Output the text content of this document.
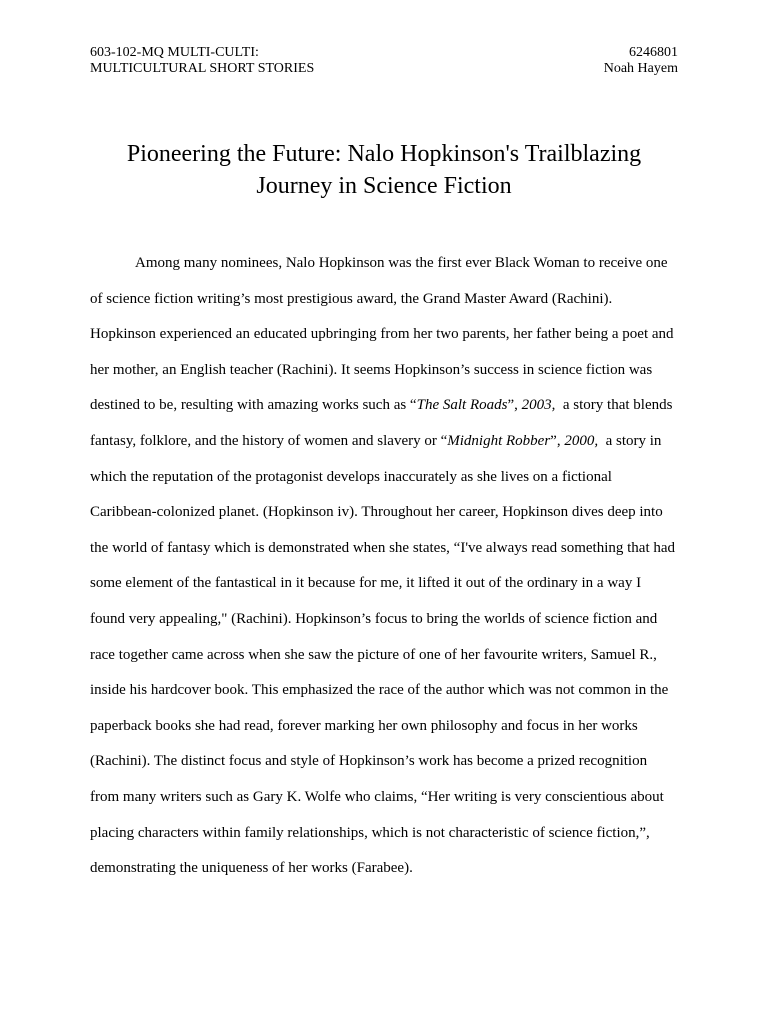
603-102-MQ MULTI-CULTI:
MULTICULTURAL SHORT STORIES
6246801
Noah Hayem
Pioneering the Future: Nalo Hopkinson's Trailblazing
Journey in Science Fiction
Among many nominees, Nalo Hopkinson was the first ever Black Woman to receive one
of science fiction writing’s most prestigious award, the Grand Master Award (Rachini).
Hopkinson experienced an educated upbringing from her two parents, her father being a poet and
her mother, an English teacher (Rachini). It seems Hopkinson’s success in science fiction was
destined to be, resulting with amazing works such as “The Salt Roads”, 2003,  a story that blends
fantasy, folklore, and the history of women and slavery or “Midnight Robber”, 2000,  a story in
which the reputation of the protagonist develops inaccurately as she lives on a fictional
Caribbean-colonized planet. (Hopkinson iv). Throughout her career, Hopkinson dives deep into
the world of fantasy which is demonstrated when she states, “I've always read something that had
some element of the fantastical in it because for me, it lifted it out of the ordinary in a way I
found very appealing," (Rachini). Hopkinson’s focus to bring the worlds of science fiction and
race together came across when she saw the picture of one of her favourite writers, Samuel R.,
inside his hardcover book. This emphasized the race of the author which was not common in the
paperback books she had read, forever marking her own philosophy and focus in her works
(Rachini). The distinct focus and style of Hopkinson’s work has become a prized recognition
from many writers such as Gary K. Wolfe who claims, “Her writing is very conscientious about
placing characters within family relationships, which is not characteristic of science fiction,”,
demonstrating the uniqueness of her works (Farabee).
